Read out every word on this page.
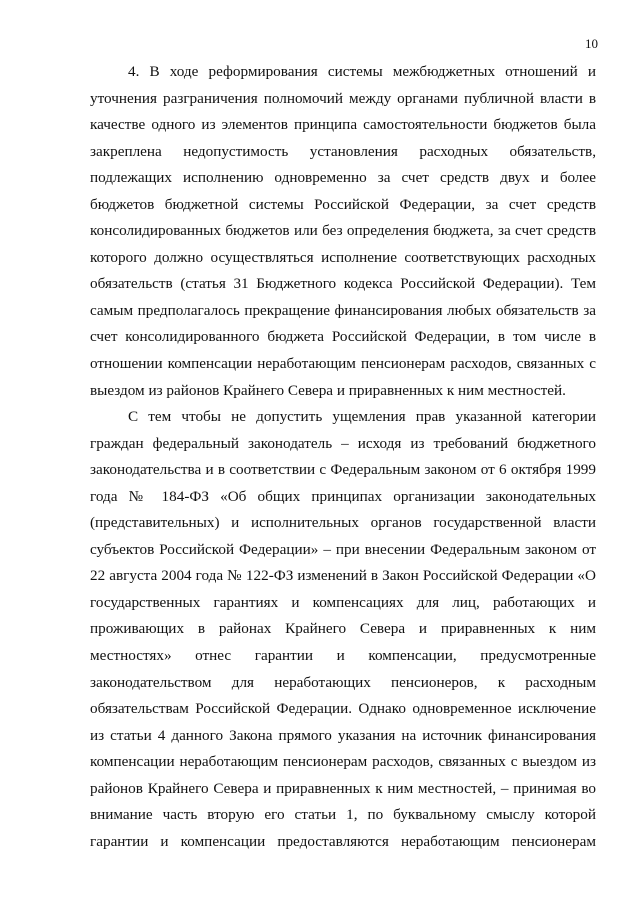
10
4. В ходе реформирования системы межбюджетных отношений и
уточнения разграничения полномочий между органами публичной власти в
качестве одного из элементов принципа самостоятельности бюджетов была
закреплена недопустимость установления расходных обязательств,
подлежащих исполнению одновременно за счет средств двух и более
бюджетов бюджетной системы Российской Федерации, за счет средств
консолидированных бюджетов или без определения бюджета, за счет средств
которого должно осуществляться исполнение соответствующих расходных
обязательств (статья 31 Бюджетного кодекса Российской Федерации). Тем
самым предполагалось прекращение финансирования любых обязательств за
счет консолидированного бюджета Российской Федерации, в том числе в
отношении компенсации неработающим пенсионерам расходов, связанных с
выездом из районов Крайнего Севера и приравненных к ним местностей.
С тем чтобы не допустить ущемления прав указанной категории
граждан федеральный законодатель – исходя из требований бюджетного
законодательства и в соответствии с Федеральным законом от 6 октября 1999
года № 184-ФЗ «Об общих принципах организации законодательных
(представительных) и исполнительных органов государственной власти
субъектов Российской Федерации» – при внесении Федеральным законом от
22 августа 2004 года № 122-ФЗ изменений в Закон Российской Федерации «О
государственных гарантиях и компенсациях для лиц, работающих и
проживающих в районах Крайнего Севера и приравненных к ним
местностях» отнес гарантии и компенсации, предусмотренные
законодательством для неработающих пенсионеров, к расходным
обязательствам Российской Федерации. Однако одновременное исключение
из статьи 4 данного Закона прямого указания на источник финансирования
компенсации неработающим пенсионерам расходов, связанных с выездом из
районов Крайнего Севера и приравненных к ним местностей, – принимая во
внимание часть вторую его статьи 1, по буквальному смыслу которой
гарантии и компенсации предоставляются неработающим пенсионерам
